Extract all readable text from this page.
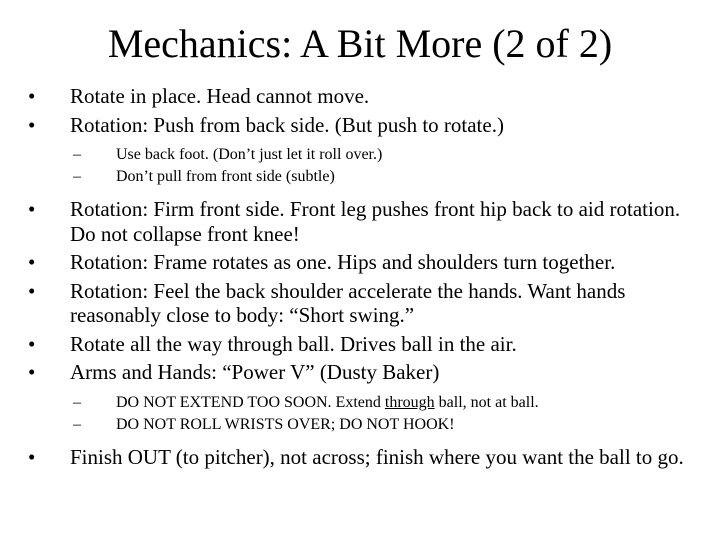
Mechanics: A Bit More (2 of 2)
•	Rotate in place. Head cannot move.
•	Rotation: Push from back side. (But push to rotate.)
– Use back foot. (Don’t just let it roll over.)
– Don’t pull from front side (subtle)
•	Rotation: Firm front side. Front leg pushes front hip back to aid rotation. Do not collapse front knee!
•	Rotation: Frame rotates as one. Hips and shoulders turn together.
•	Rotation: Feel the back shoulder accelerate the hands. Want hands reasonably close to body: “Short swing.”
•	Rotate all the way through ball. Drives ball in the air.
•	Arms and Hands: “Power V” (Dusty Baker)
– DO NOT EXTEND TOO SOON. Extend through ball, not at ball.
– DO NOT ROLL WRISTS OVER; DO NOT HOOK!
•	Finish OUT (to pitcher), not across; finish where you want the ball to go.
